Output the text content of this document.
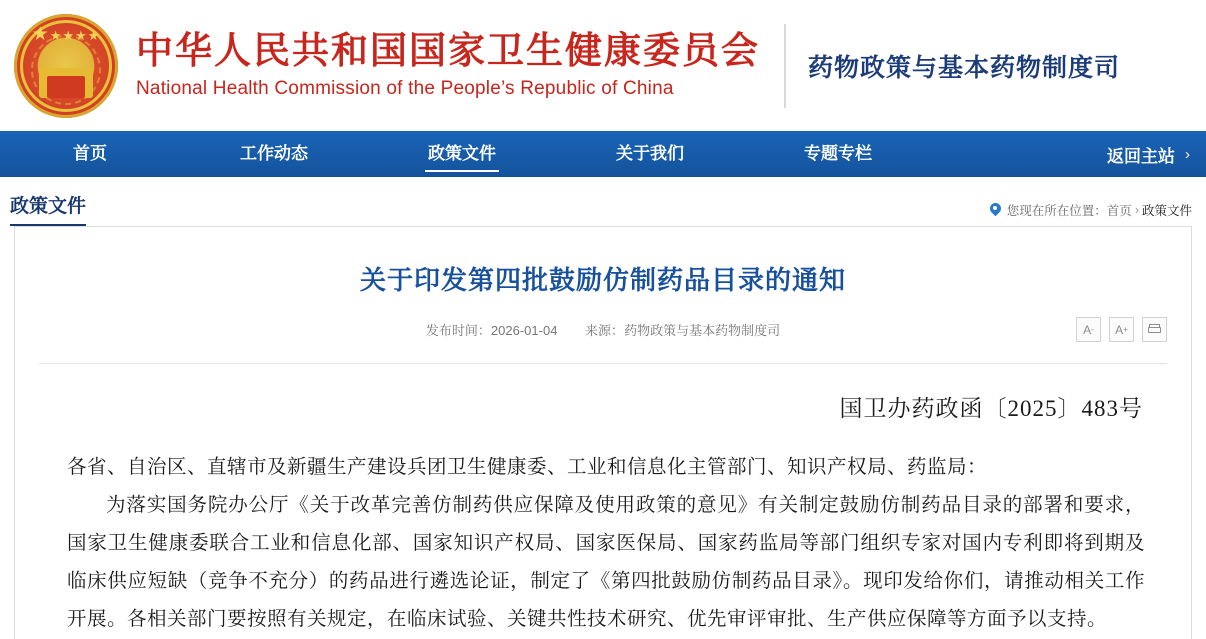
★★★★★ 中华人民共和国国家卫生健康委员会
National Health Commission of the People’s Republic of China
药物政策与基本药物制度司
首页	工作动态	政策文件	关于我们	专题专栏	返回主站 ›
政策文件	您现在所在位置： 首页 › 政策文件
关于印发第四批鼓励仿制药品目录的通知
发布时间：2026-01-04 来源：药物政策与基本药物制度司	A - A +
国卫办药政函〔2025〕483号

各省、自治区、直辖市及新疆生产建设兵团卫生健康委、工业和信息化主管部门、知识产权局、药监局：

为落实国务院办公厅《关于改革完善仿制药供应保障及使用政策的意见》有关制定鼓励仿制药品目录的部署和要求，国家卫生健康委联合工业和信息化部、国家知识产权局、国家医保局、国家药监局等部门组织专家对国内专利即将到期及临床供应短缺（竞争不充分）的药品进行遴选论证，制定了《第四批鼓励仿制药品目录》。现印发给你们，请推动相关工作开展。各相关部门要按照有关规定，在临床试验、关键共性技术研究、优先审评审批、生产供应保障等方面予以支持。
